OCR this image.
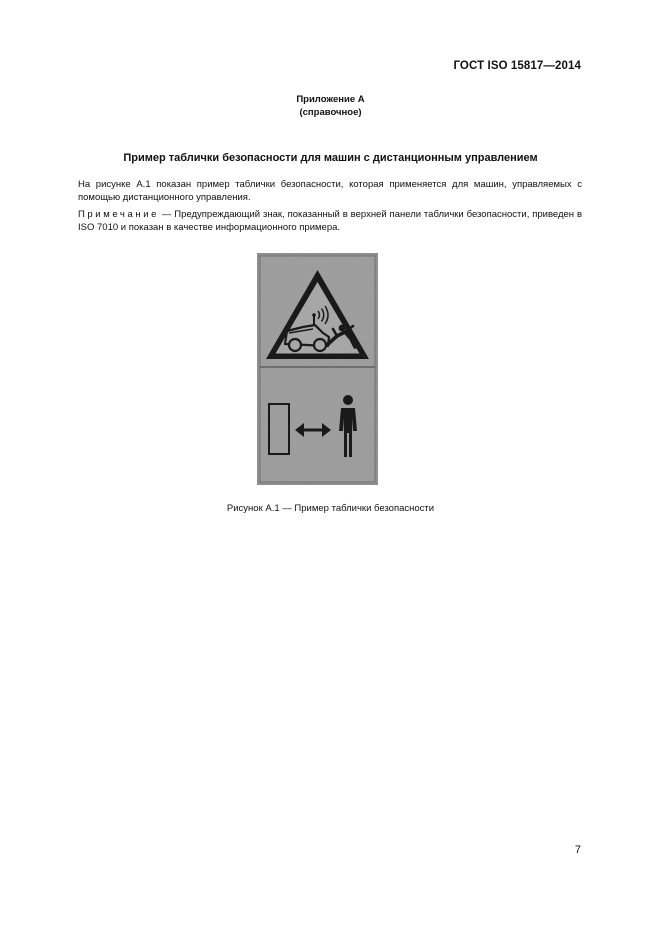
ГОСТ ISO 15817—2014
Приложение А
(справочное)
Пример таблички безопасности для машин с дистанционным управлением
На рисунке А.1 показан пример таблички безопасности, которая применяется для машин, управляемых с помощью дистанционного управления.
Примечание — Предупреждающий знак, показанный в верхней панели таблички безопасности, приведен в ISO 7010 и показан в качестве информационного примера.
Рисунок А.1 — Пример таблички безопасности
7
